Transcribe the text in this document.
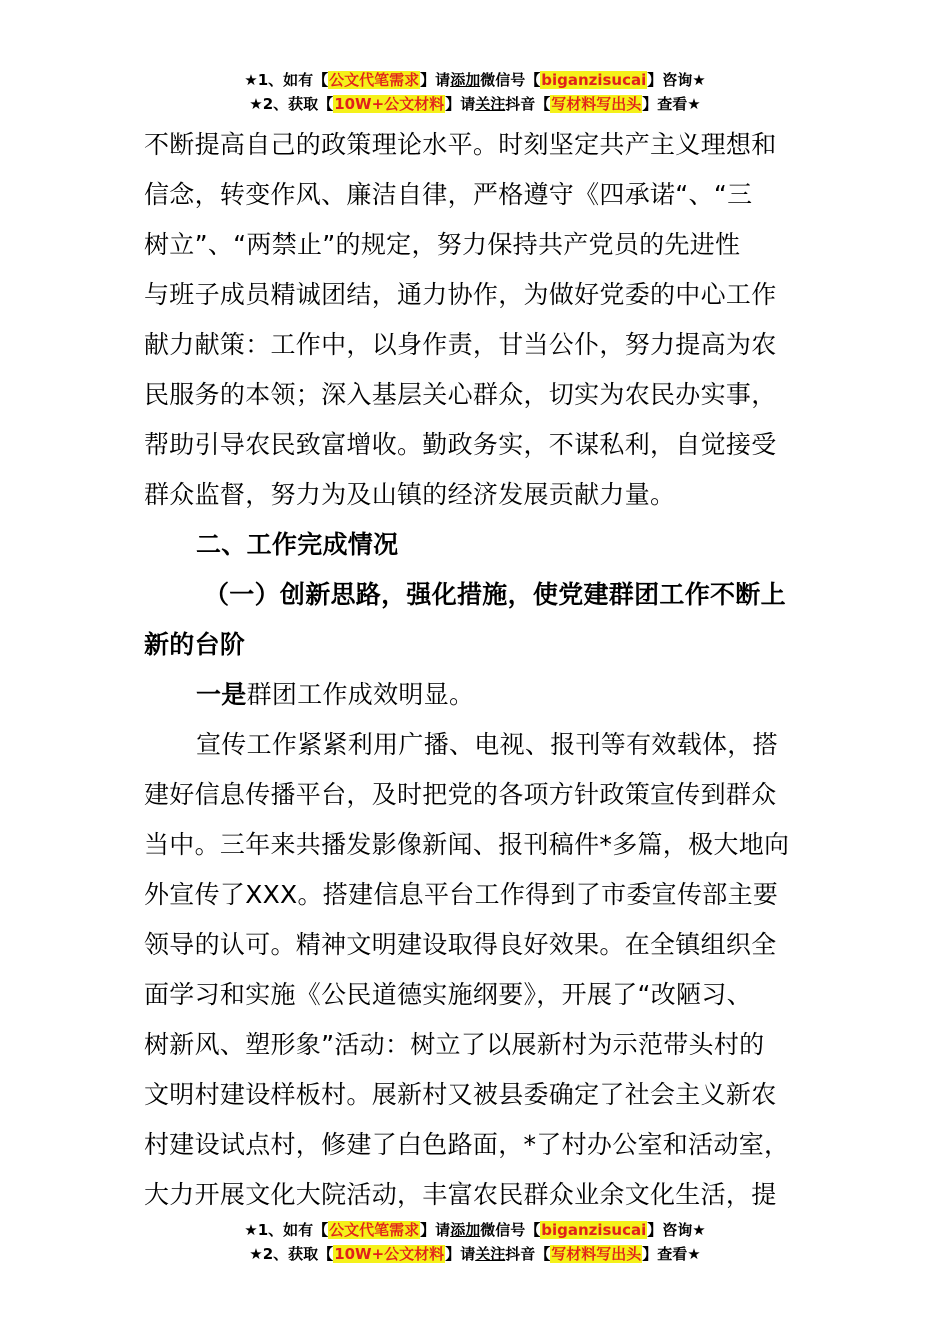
★1、如有【公文代笔需求】请添加微信号【biganzisucai】咨询★
★2、获取【10W+公文材料】请关注抖音【写材料写出头】查看★
不断提高自己的政策理论水平。时刻坚定共产主义理想和
信念，转变作风、廉洁自律，严格遵守《四承诺“、“三
树立”、“两禁止”的规定，努力保持共产党员的先进性
与班子成员精诚团结，通力协作，为做好党委的中心工作
献力献策：工作中，以身作责，甘当公仆，努力提高为农
民服务的本领；深入基层关心群众，切实为农民办实事，
帮助引导农民致富增收。勤政务实，不谋私利，自觉接受
群众监督，努力为及山镇的经济发展贡献力量。
二、工作完成情况
（一）创新思路，强化措施，使党建群团工作不断上
新的台阶
一是群团工作成效明显。
宣传工作紧紧利用广播、电视、报刊等有效载体，搭
建好信息传播平台，及时把党的各项方针政策宣传到群众
当中。三年来共播发影像新闻、报刊稿件*多篇，极大地向
外宣传了XXX。搭建信息平台工作得到了市委宣传部主要
领导的认可。精神文明建设取得良好效果。在全镇组织全
面学习和实施《公民道德实施纲要》，开展了“改陋习、
树新风、塑形象”活动：树立了以展新村为示范带头村的
文明村建设样板村。展新村又被县委确定了社会主义新农
村建设试点村，修建了白色路面，*了村办公室和活动室，
大力开展文化大院活动，丰富农民群众业余文化生活，提
★1、如有【公文代笔需求】请添加微信号【biganzisucai】咨询★
★2、获取【10W+公文材料】请关注抖音【写材料写出头】查看★
